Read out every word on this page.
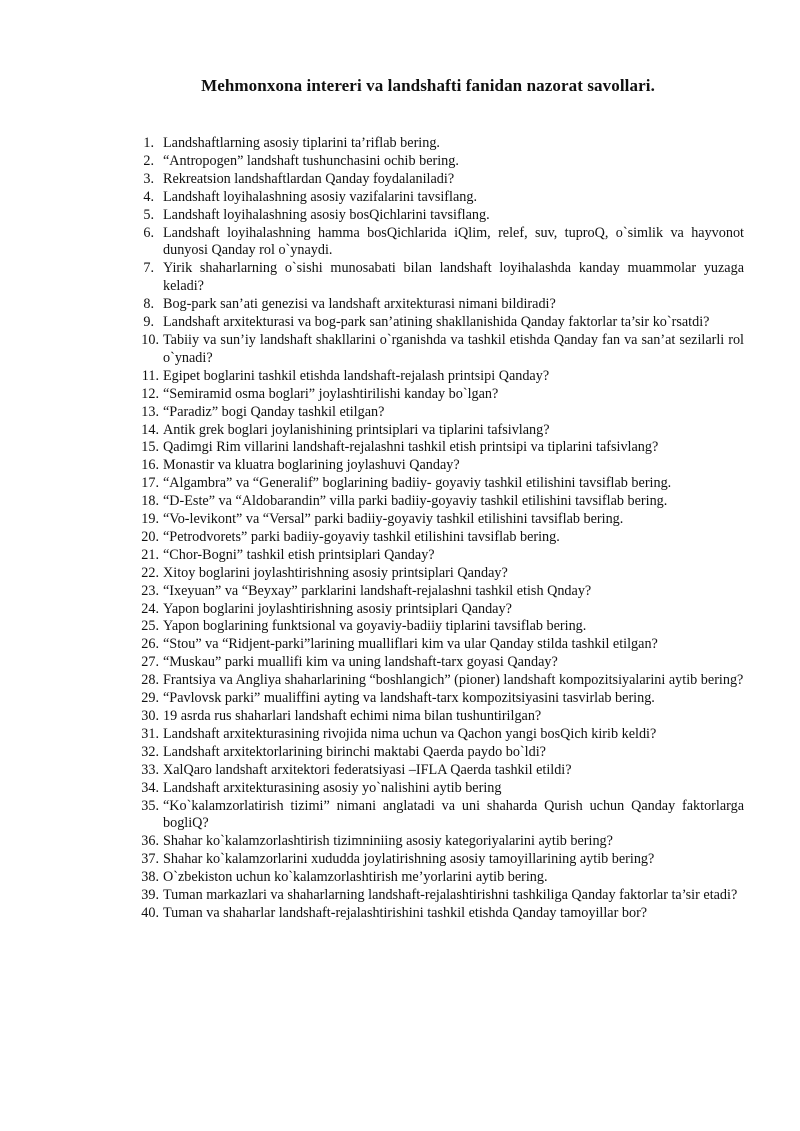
Mehmonxona intereri va landshafti fanidan nazorat savollari.
1. Landshaftlarning asosiy tiplarini ta’riflab bering.
2. “Antropogen” landshaft tushunchasini ochib bering.
3. Rekreatsion landshaftlardan Qanday foydalaniladi?
4. Landshaft loyihalashning asosiy vazifalarini tavsiflang.
5. Landshaft loyihalashning asosiy bosQichlarini tavsiflang.
6. Landshaft loyihalashning hamma bosQichlarida iQlim, relef, suv, tuproQ, o`simlik va hayvonot dunyosi Qanday rol o`ynaydi.
7. Yirik shaharlarning o`sishi munosabati bilan landshaft loyihalashda kanday muammolar yuzaga keladi?
8. Bog-park san’ati genezisi va landshaft arxitekturasi nimani bildiradi?
9. Landshaft arxitekturasi va bog-park san’atining shakllanishida Qanday faktorlar ta’sir ko`rsatdi?
10. Tabiiy va sun’iy landshaft shakllarini o`rganishda va tashkil etishda Qanday fan va san’at sezilarli rol o`ynadi?
11. Egipet boglarini tashkil etishda landshaft-rejalash printsipi Qanday?
12. “Semiramid osma boglari” joylashtirilishi kanday bo`lgan?
13. “Paradiz” bogi Qanday tashkil etilgan?
14. Antik grek boglari joylanishining printsiplari va tiplarini tafsivlang?
15. Qadimgi Rim villarini landshaft-rejalashni tashkil etish printsipi va tiplarini tafsivlang?
16. Monastir va kluatra boglarining joylashuvi Qanday?
17. “Algambra” va “Generalif” boglarining badiiy- goyaviy tashkil etilishini tavsiflab bering.
18. “D-Este” va “Aldobarandin” villa parki badiiy-goyaviy tashkil etilishini tavsiflab bering.
19. “Vo-levikont” va “Versal” parki badiiy-goyaviy tashkil etilishini tavsiflab bering.
20. “Petrodvorets” parki badiiy-goyaviy tashkil etilishini tavsiflab bering.
21. “Chor-Bogni” tashkil etish printsiplari Qanday?
22. Xitoy boglarini joylashtirishning asosiy printsiplari Qanday?
23. “Ixeyuan” va “Beyxay” parklarini landshaft-rejalashni tashkil etish Qnday?
24. Yapon boglarini joylashtirishning asosiy printsiplari Qanday?
25. Yapon boglarining funktsional va goyaviy-badiiy tiplarini tavsiflab bering.
26. “Stou” va “Ridjent-parki”larining mualliflari kim va ular Qanday stilda tashkil etilgan?
27. “Muskau” parki muallifi kim va uning landshaft-tarx goyasi Qanday?
28. Frantsiya va Angliya shaharlarining “boshlangich” (pioner) landshaft kompozitsiyalarini aytib bering?
29. “Pavlovsk parki” mualiffini ayting va landshaft-tarx kompozitsiyasini tasvirlab bering.
30. 19 asrda rus shaharlari landshaft echimi nima bilan tushuntirilgan?
31. Landshaft arxitekturasining rivojida nima uchun va Qachon yangi bosQich kirib keldi?
32. Landshaft arxitektorlarining birinchi maktabi Qaerda paydo bo`ldi?
33. XalQaro landshaft arxitektori federatsiyasi –IFLA Qaerda tashkil etildi?
34. Landshaft arxitekturasining asosiy yo`nalishini aytib bering
35. “Ko`kalamzorlatirish tizimi” nimani anglatadi va uni shaharda Qurish uchun Qanday faktorlarga bogliQ?
36. Shahar ko`kalamzorlashtirish tizimniniing asosiy kategoriyalarini aytib bering?
37. Shahar ko`kalamzorlarini xududda joylatirishning asosiy tamoyillarining aytib bering?
38. O`zbekiston uchun ko`kalamzorlashtirish me’yorlarini aytib bering.
39. Tuman markazlari va shaharlarning landshaft-rejalashtirishni tashkiliga Qanday faktorlar ta’sir etadi?
40. Tuman va shaharlar landshaft-rejalashtirishini tashkil etishda Qanday tamoyillar bor?
